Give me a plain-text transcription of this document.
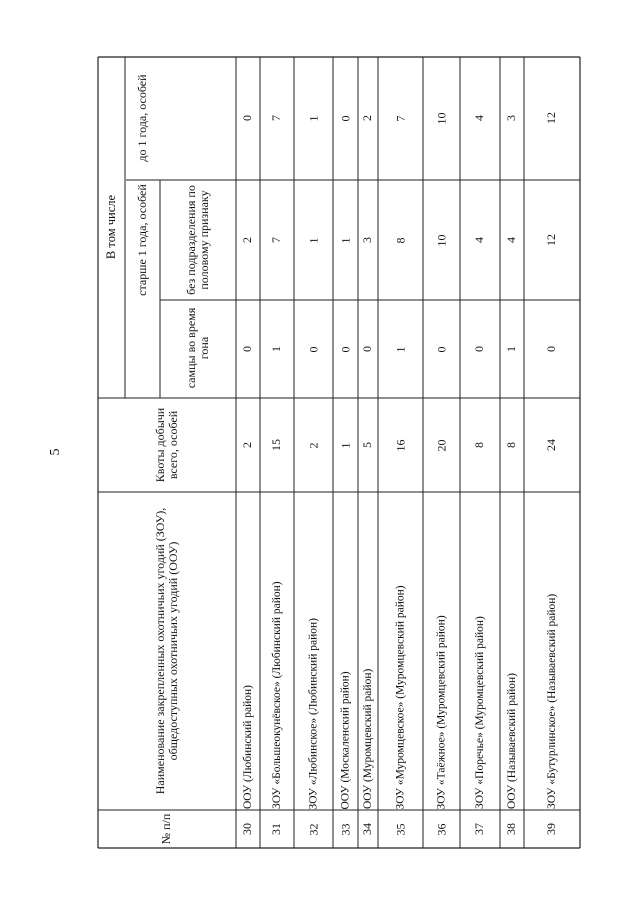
5
№ п/п
Наименование закрепленных охотничьих угодий (ЗОУ), общедоступных охотничьих угодий (ООУ)
Квоты добычи всего, особей
В том числе	старше 1 года, особей
до 1 года, особей
самцы во время гона
без подразделения по половому признаку
30
ООУ (Любинский район)
2
0
2
0
31
ЗОУ «Большеокунёвское» (Любинский район)
15
1
7
7
32
ЗОУ «Любинское» (Любинский район)
2
0
1
1
33
ООУ (Москаленский район)
1
0
1
0
34
ООУ (Муромцевский район)
5
0
3
2
35
ЗОУ «Муромцевское» (Муромцевский район)
16
1
8
7
36
ЗОУ «Таёжное» (Муромцевский район)
20
0
10
10
37
ЗОУ «Поречье» (Муромцевский район)
8
0
4
4
38
ООУ (Называевский район)
8
1
4
3
39
ЗОУ «Бутурлинское» (Называевский район)
24
0
12
12
